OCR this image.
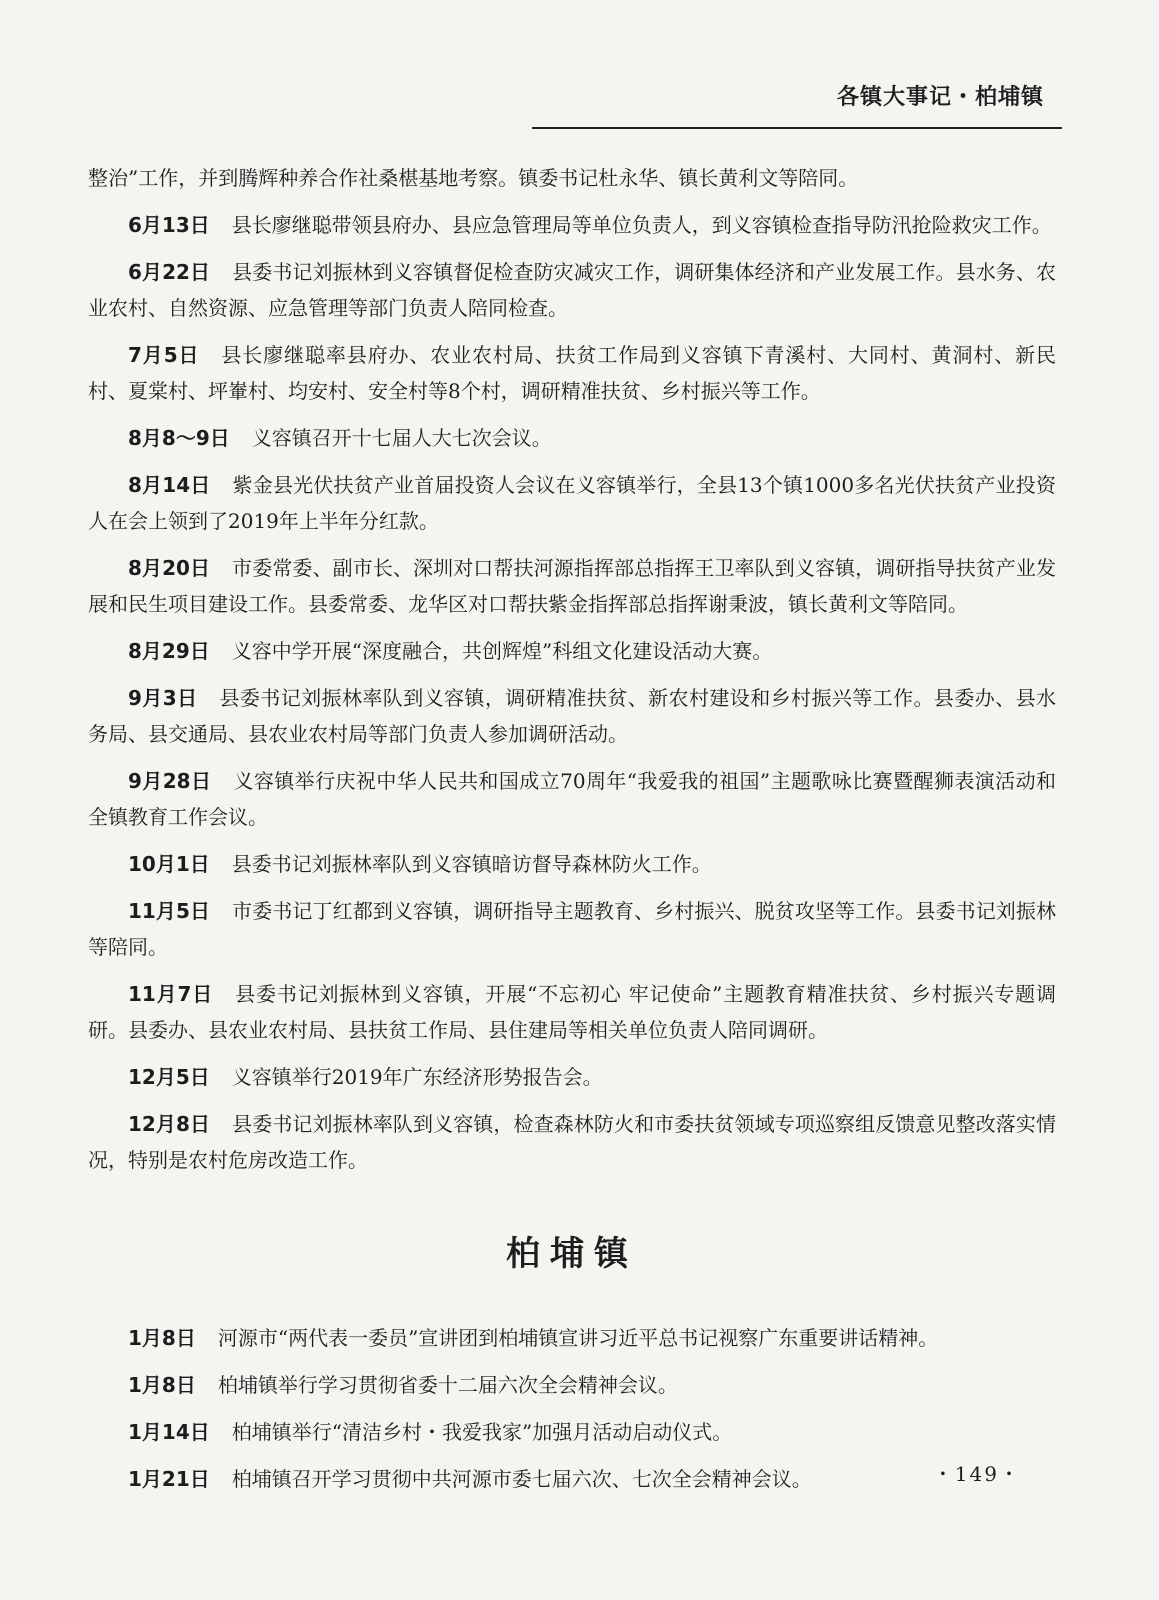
各镇大事记・柏埔镇

整治”工作，并到腾辉种养合作社桑椹基地考察。镇委书记杜永华、镇长黄利文等陪同。

6月13日 县长廖继聪带领县府办、县应急管理局等单位负责人，到义容镇检查指导防汛抢险救灾工作。

6月22日 县委书记刘振林到义容镇督促检查防灾减灾工作，调研集体经济和产业发展工作。县水务、农业农村、自然资源、应急管理等部门负责人陪同检查。

7月5日 县长廖继聪率县府办、农业农村局、扶贫工作局到义容镇下青溪村、大同村、黄洞村、新民村、夏棠村、坪輋村、均安村、安全村等8个村，调研精准扶贫、乡村振兴等工作。

8月8～9日 义容镇召开十七届人大七次会议。

8月14日 紫金县光伏扶贫产业首届投资人会议在义容镇举行，全县13个镇1000多名光伏扶贫产业投资人在会上领到了2019年上半年分红款。

8月20日 市委常委、副市长、深圳对口帮扶河源指挥部总指挥王卫率队到义容镇，调研指导扶贫产业发展和民生项目建设工作。县委常委、龙华区对口帮扶紫金指挥部总指挥谢秉波，镇长黄利文等陪同。

8月29日 义容中学开展“深度融合，共创辉煌”科组文化建设活动大赛。

9月3日 县委书记刘振林率队到义容镇，调研精准扶贫、新农村建设和乡村振兴等工作。县委办、县水务局、县交通局、县农业农村局等部门负责人参加调研活动。

9月28日 义容镇举行庆祝中华人民共和国成立70周年“我爱我的祖国”主题歌咏比赛暨醒狮表演活动和全镇教育工作会议。

10月1日 县委书记刘振林率队到义容镇暗访督导森林防火工作。

11月5日 市委书记丁红都到义容镇，调研指导主题教育、乡村振兴、脱贫攻坚等工作。县委书记刘振林等陪同。

11月7日 县委书记刘振林到义容镇，开展“不忘初心 牢记使命”主题教育精准扶贫、乡村振兴专题调研。县委办、县农业农村局、县扶贫工作局、县住建局等相关单位负责人陪同调研。

12月5日 义容镇举行2019年广东经济形势报告会。

12月8日 县委书记刘振林率队到义容镇，检查森林防火和市委扶贫领域专项巡察组反馈意见整改落实情况，特别是农村危房改造工作。

柏埔镇

1月8日 河源市“两代表一委员”宣讲团到柏埔镇宣讲习近平总书记视察广东重要讲话精神。

1月8日 柏埔镇举行学习贯彻省委十二届六次全会精神会议。

1月14日 柏埔镇举行“清洁乡村・我爱我家”加强月活动启动仪式。

1月21日 柏埔镇召开学习贯彻中共河源市委七届六次、七次全会精神会议。	・149・
